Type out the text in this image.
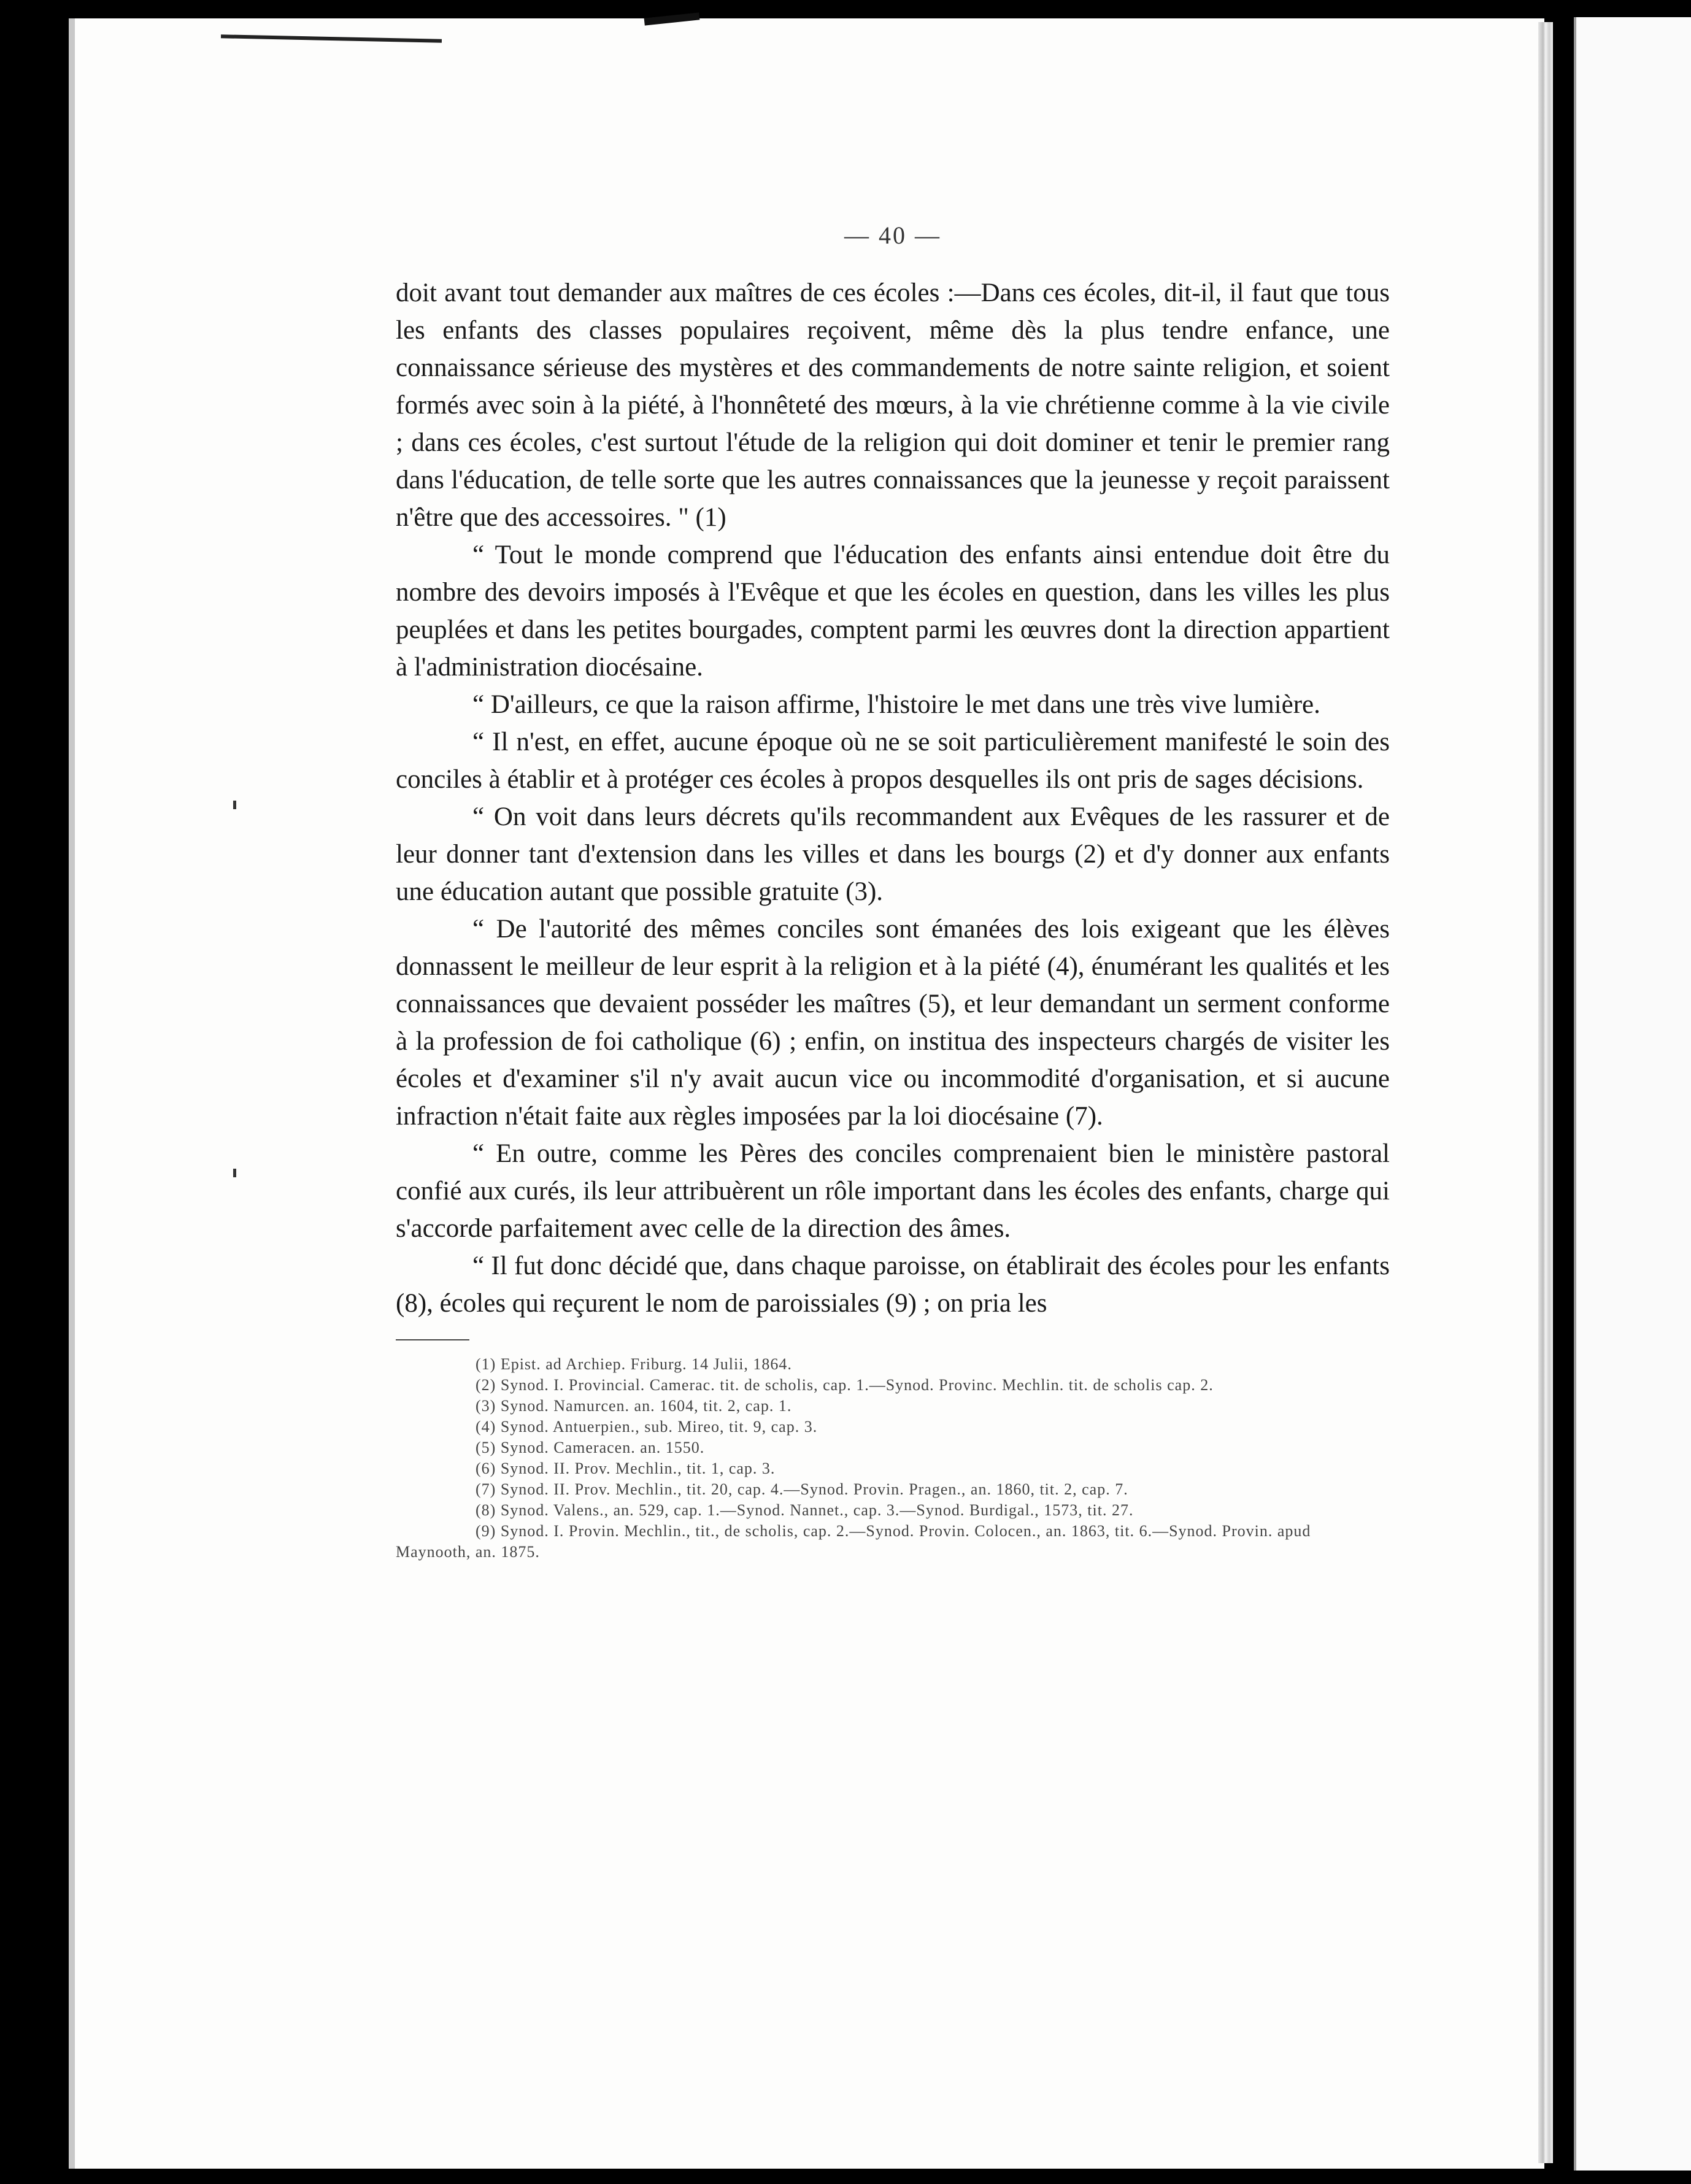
— 40 —

doit avant tout demander aux maîtres de ces écoles :—Dans ces écoles, dit-il, il faut que tous les enfants des classes populaires reçoivent, même dès la plus tendre enfance, une connaissance sérieuse des mystères et des commandements de notre sainte religion, et soient formés avec soin à la piété, à l'honnêteté des mœurs, à la vie chrétienne comme à la vie civile ; dans ces écoles, c'est surtout l'étude de la religion qui doit dominer et tenir le premier rang dans l'éducation, de telle sorte que les autres connaissances que la jeunesse y reçoit paraissent n'être que des accessoires. " (1)

“ Tout le monde comprend que l'éducation des enfants ainsi entendue doit être du nombre des devoirs imposés à l'Evêque et que les écoles en question, dans les villes les plus peuplées et dans les petites bourgades, comptent parmi les œuvres dont la direction appartient à l'administration diocésaine.

“ D'ailleurs, ce que la raison affirme, l'histoire le met dans une très vive lumière.

“ Il n'est, en effet, aucune époque où ne se soit particulièrement manifesté le soin des conciles à établir et à protéger ces écoles à propos desquelles ils ont pris de sages décisions.

“ On voit dans leurs décrets qu'ils recommandent aux Evêques de les rassurer et de leur donner tant d'extension dans les villes et dans les bourgs (2) et d'y donner aux enfants une éducation autant que possible gratuite (3).

“ De l'autorité des mêmes conciles sont émanées des lois exigeant que les élèves donnassent le meilleur de leur esprit à la religion et à la piété (4), énumérant les qualités et les connaissances que devaient posséder les maîtres (5), et leur demandant un serment conforme à la profession de foi catholique (6) ; enfin, on institua des inspecteurs chargés de visiter les écoles et d'examiner s'il n'y avait aucun vice ou incommodité d'organisation, et si aucune infraction n'était faite aux règles imposées par la loi diocésaine (7).

“ En outre, comme les Pères des conciles comprenaient bien le ministère pastoral confié aux curés, ils leur attribuèrent un rôle important dans les écoles des enfants, charge qui s'accorde parfaitement avec celle de la direction des âmes.

“ Il fut donc décidé que, dans chaque paroisse, on établirait des écoles pour les enfants (8), écoles qui reçurent le nom de paroissiales (9) ; on pria les

(1) Epist. ad Archiep. Friburg. 14 Julii, 1864.

(2) Synod. I. Provincial. Camerac. tit. de scholis, cap. 1.—Synod. Provinc. Mechlin. tit. de scholis cap. 2.

(3) Synod. Namurcen. an. 1604, tit. 2, cap. 1.

(4) Synod. Antuerpien., sub. Mireo, tit. 9, cap. 3.

(5) Synod. Cameracen. an. 1550.

(6) Synod. II. Prov. Mechlin., tit. 1, cap. 3.

(7) Synod. II. Prov. Mechlin., tit. 20, cap. 4.—Synod. Provin. Pragen., an. 1860, tit. 2, cap. 7.

(8) Synod. Valens., an. 529, cap. 1.—Synod. Nannet., cap. 3.—Synod. Burdigal., 1573, tit. 27.

(9) Synod. I. Provin. Mechlin., tit., de scholis, cap. 2.—Synod. Provin. Colocen., an. 1863, tit. 6.—Synod. Provin. apud Maynooth, an. 1875.
